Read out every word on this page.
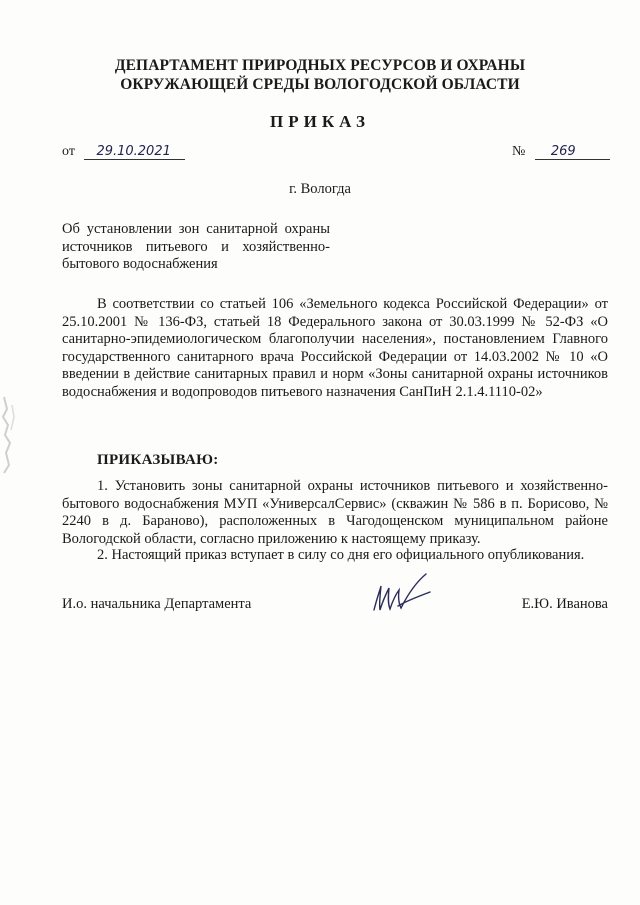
ДЕПАРТАМЕНТ ПРИРОДНЫХ РЕСУРСОВ И ОХРАНЫ
ОКРУЖАЮЩЕЙ СРЕДЫ ВОЛОГОДСКОЙ ОБЛАСТИ
ПРИКАЗ
от 29.10.2021	№ 269
г. Вологда
Об установлении зон санитарной охраны источников питьевого и хозяйственно-бытового водоснабжения
В соответствии со статьей 106 «Земельного кодекса Российской Федерации» от 25.10.2001 № 136-ФЗ, статьей 18 Федерального закона от 30.03.1999 № 52-ФЗ «О санитарно-эпидемиологическом благополучии населения», постановлением Главного государственного санитарного врача Российской Федерации от 14.03.2002 № 10 «О введении в действие санитарных правил и норм «Зоны санитарной охраны источников водоснабжения и водопроводов питьевого назначения СанПиН 2.1.4.1110-02»
ПРИКАЗЫВАЮ:
1. Установить зоны санитарной охраны источников питьевого и хозяйственно-бытового водоснабжения МУП «УниверсалСервис» (скважин № 586 в п. Борисово, № 2240 в д. Бараново), расположенных в Чагодощенском муниципальном районе Вологодской области, согласно приложению к настоящему приказу.
2. Настоящий приказ вступает в силу со дня его официального опубликования.
И.о. начальника Департамента	Е.Ю. Иванова
